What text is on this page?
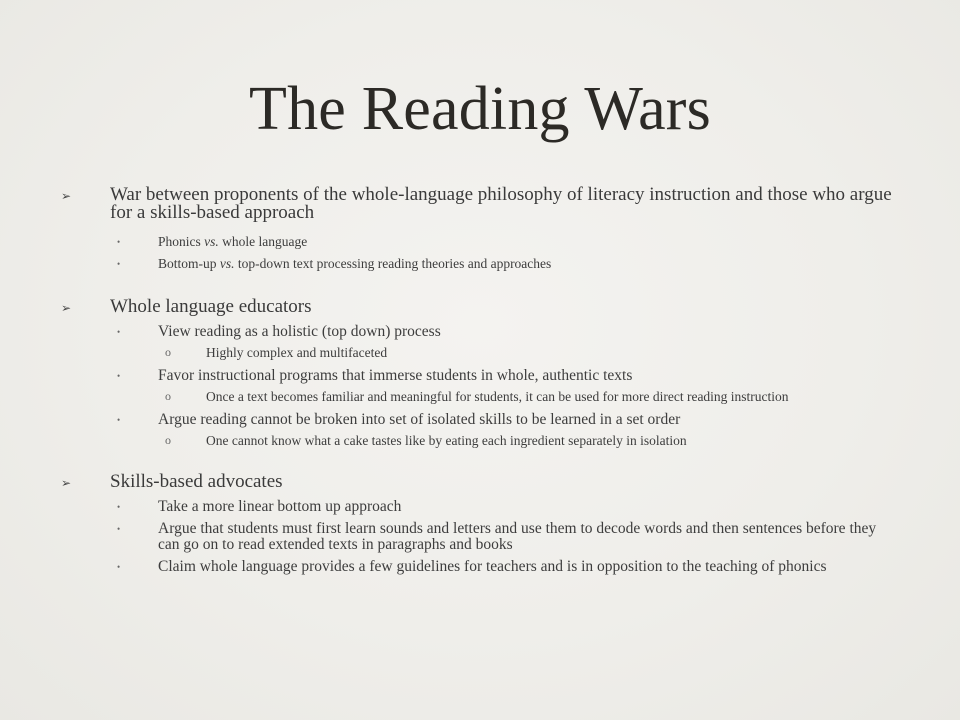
The Reading Wars
➢ War between proponents of the whole-language philosophy of literacy instruction and those who argue for a skills-based approach
•	Phonics vs. whole language
•	Bottom-up vs. top-down text processing reading theories and approaches
➢ Whole language educators
• View reading as a holistic (top down) process
o	Highly complex and multifaceted
• Favor instructional programs that immerse students in whole, authentic texts
o	Once a text becomes familiar and meaningful for students, it can be used for more direct reading instruction
• Argue reading cannot be broken into set of isolated skills to be learned in a set order
o	One cannot know what a cake tastes like by eating each ingredient separately in isolation
➢ Skills-based advocates
• Take a more linear bottom up approach
• Argue that students must first learn sounds and letters and use them to decode words and then sentences before they can go on to read extended texts in paragraphs and books
• Claim whole language provides a few guidelines for teachers and is in opposition to the teaching of phonics
